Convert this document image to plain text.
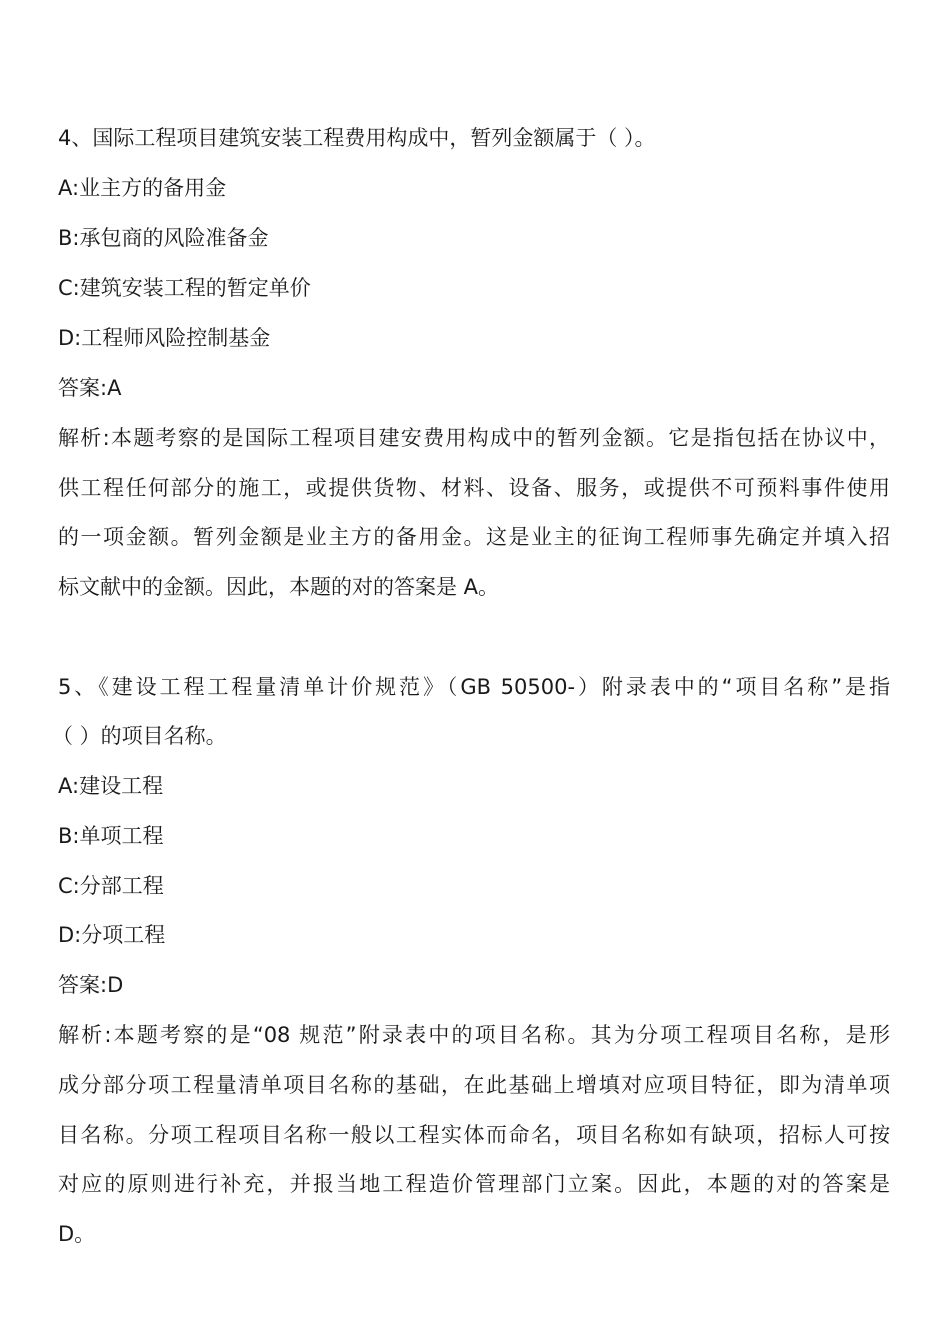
4、国际工程项目建筑安装工程费用构成中，暂列金额属于（ ）。
A:业主方的备用金
B:承包商的风险准备金
C:建筑安装工程的暂定单价
D:工程师风险控制基金
答案:A
解析:本题考察的是国际工程项目建安费用构成中的暂列金额。它是指包括在协议中，
供工程任何部分的施工，或提供货物、材料、设备、服务，或提供不可预料事件使用
的一项金额。暂列金额是业主方的备用金。这是业主的征询工程师事先确定并填入招
标文献中的金额。因此，本题的对的答案是 A。
5、《建设工程工程量清单计价规范》（GB 50500-）附录表中的“项目名称”是指
（ ）的项目名称。
A:建设工程
B:单项工程
C:分部工程
D:分项工程
答案:D
解析:本题考察的是“08 规范”附录表中的项目名称。其为分项工程项目名称，是形
成分部分项工程量清单项目名称的基础，在此基础上增填对应项目特征，即为清单项
目名称。分项工程项目名称一般以工程实体而命名，项目名称如有缺项，招标人可按
对应的原则进行补充，并报当地工程造价管理部门立案。因此，本题的对的答案是
D。
